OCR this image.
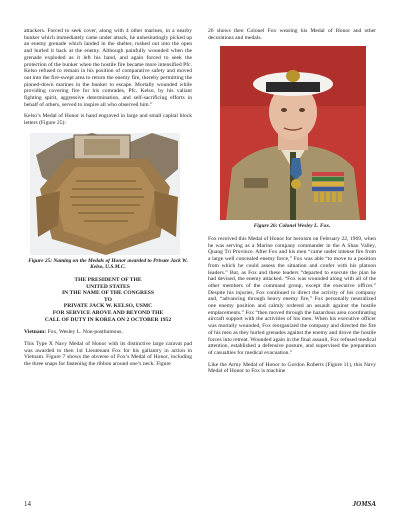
attackers. Forced to seek cover, along with 4 other marines, in a nearby bunker which immediately came under attack, he unhesitatingly picked up an enemy grenade which landed in the shelter, rushed out into the open and hurled it back at the enemy. Although painfully wounded when the grenade exploded as it left his hand, and again forced to seek the protection of the bunker when the hostile fire became more intensified Pfc. Kelso refused to remain in his position of comparative safety and moved out into the fire-swept area to return the enemy fire, thereby permitting the pinned-down marines in the bunker to escape. Mortally wounded while providing covering fire for his comrades, Pfc. Kelso, by his valiant fighting spirit, aggressive determination, and self-sacrificing efforts in behalf of others, served to inspire all who observed him.”

Kelso’s Medal of Honor is hand engraved in large and small capital block letters (Figure 25):

Figure 25: Naming on the Medals of Honor awarded to Private Jack W. Kelso, U.S.M.C.
THE PRESIDENT OF THE
UNITED STATES
IN THE NAME OF THE CONGRESS
TO
PRIVATE JACK W. KELSO, USMC
FOR SERVICE ABOVE AND BEYOND THE
CALL OF DUTY IN KOREA ON 2 OCTOBER 1952

Vietnam: Fox, Wesley L. Non-posthumous.

This Type X Navy Medal of Honor with its distinctive large caravat pad was awarded to then 1st Lieutenant Fox for his gallantry in action in Vietnam. Figure 7 shows the obverse of Fox’s Medal of Honor, including the three snaps for fastening the ribbon around one’s neck. Figure

26 shows then Colonel Fox wearing his Medal of Honor and other decorations and medals.

Figure 26: Colonel Wesley L. Fox.

Fox received this Medal of Honor for heroism on February 22, 1969, when he was serving as a Marine company commander in the A Shau Valley, Quang Tri Province. After Fox and his men “came under intense fire from a large well concealed enemy force,” Fox was able “to move to a position from which he could assess the situation and confer with his platoon leaders.” But, as Fox and these leaders “departed to execute the plan he had devised, the enemy attacked. “Fox was wounded along with all of the other members of the command group, except the executive officer.” Despite his injuries, Fox continued to direct the activity of his company and, “advancing through heavy enemy fire,” Fox personally neutralized one enemy position and calmly ordered an assault against the hostile emplacements.” Fox “then moved through the hazardous area coordinating aircraft support with the activities of his men. When his executive officer was mortally wounded, Fox reorganized the company and directed the fire of his men as they hurled grenades against the enemy and drove the hostile forces into retreat. Wounded again in the final assault, Fox refused medical attention, established a defensive posture, and supervised the preparation of casualties for medical evacuation.”

Like the Army Medal of Honor to Gordon Roberts (Figure 11), this Navy Medal of Honor to Fox is machine

14	JOMSA
